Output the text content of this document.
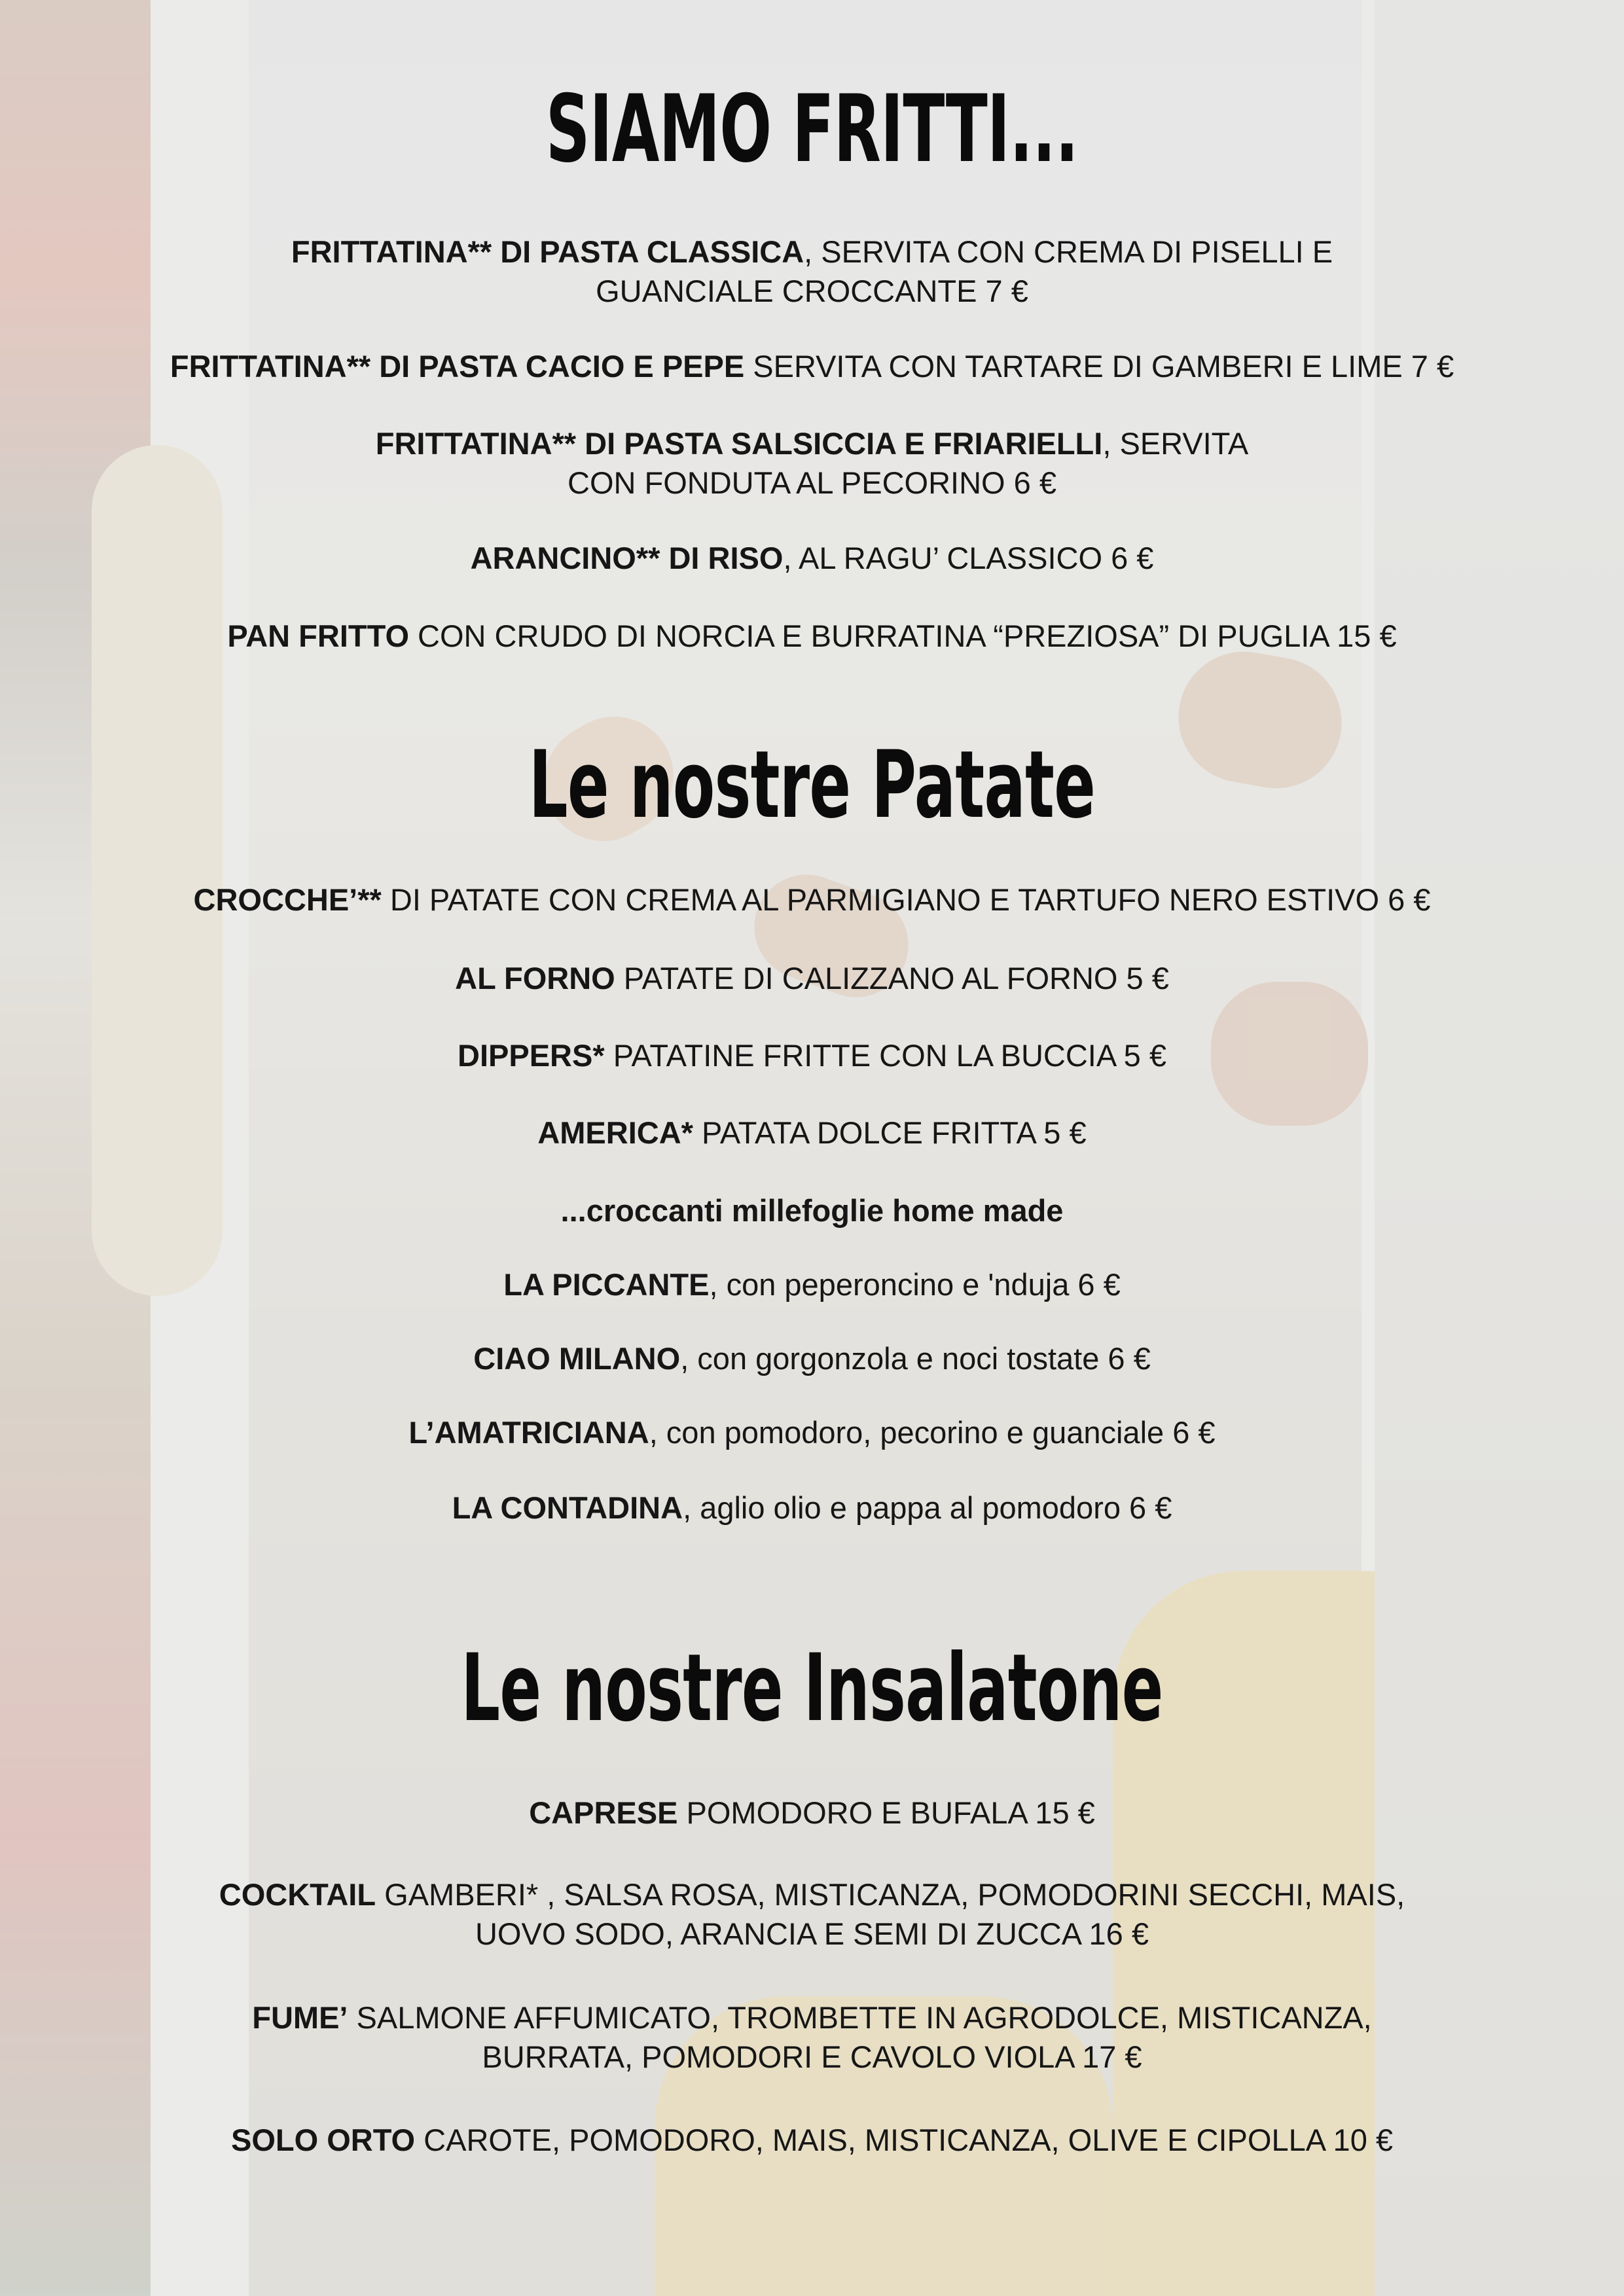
SIAMO FRITTI...
FRITTATINA** DI PASTA CLASSICA, SERVITA CON CREMA DI PISELLI E
GUANCIALE CROCCANTE 7 €
FRITTATINA** DI PASTA CACIO E PEPE SERVITA CON TARTARE DI GAMBERI E LIME 7 €
FRITTATINA** DI PASTA SALSICCIA E FRIARIELLI, SERVITA
CON FONDUTA AL PECORINO 6 €
ARANCINO** DI RISO, AL RAGU’ CLASSICO 6 €
PAN FRITTO CON CRUDO DI NORCIA E BURRATINA “PREZIOSA” DI PUGLIA 15 €
Le nostre Patate
CROCCHE’** DI PATATE CON CREMA AL PARMIGIANO E TARTUFO NERO ESTIVO 6 €
AL FORNO PATATE DI CALIZZANO AL FORNO 5 €
DIPPERS* PATATINE FRITTE CON LA BUCCIA 5 €
AMERICA* PATATA DOLCE FRITTA 5 €
...croccanti millefoglie home made
LA PICCANTE, con peperoncino e 'nduja 6 €
CIAO MILANO, con gorgonzola e noci tostate 6 €
L’AMATRICIANA, con pomodoro, pecorino e guanciale 6 €
LA CONTADINA, aglio olio e pappa al pomodoro 6 €
Le nostre Insalatone
CAPRESE POMODORO E BUFALA 15 €
COCKTAIL GAMBERI* , SALSA ROSA, MISTICANZA, POMODORINI SECCHI, MAIS,
UOVO SODO, ARANCIA E SEMI DI ZUCCA 16 €
FUME’ SALMONE AFFUMICATO, TROMBETTE IN AGRODOLCE, MISTICANZA,
BURRATA, POMODORI E CAVOLO VIOLA 17 €
SOLO ORTO CAROTE, POMODORO, MAIS, MISTICANZA, OLIVE E CIPOLLA 10 €
